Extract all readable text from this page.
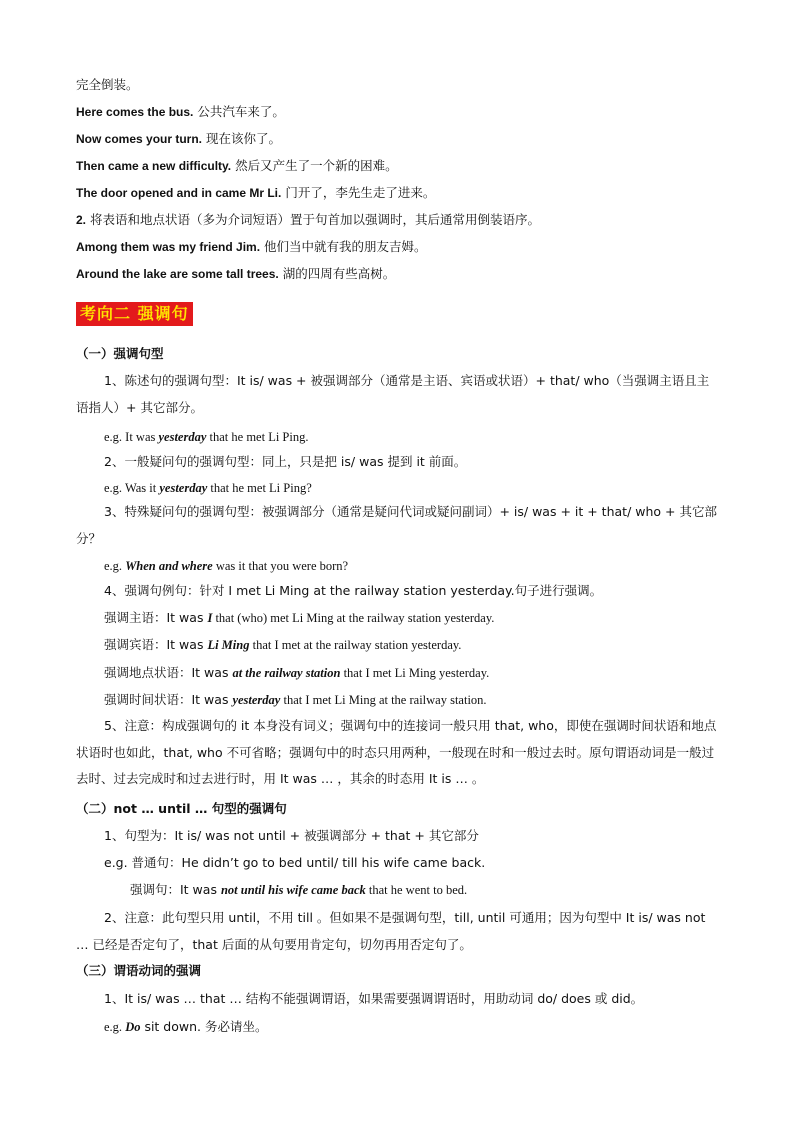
完全倒装。
Here comes the bus. 公共汽车来了。
Now comes your turn. 现在该你了。
Then came a new difficulty. 然后又产生了一个新的困难。
The door opened and in came Mr Li. 门开了，李先生走了进来。
2. 将表语和地点状语（多为介词短语）置于句首加以强调时，其后通常用倒装语序。
Among them was my friend Jim. 他们当中就有我的朋友吉姆。
Around the lake are some tall trees. 湖的四周有些高树。
考向二 强调句
（一）强调句型
1、陈述句的强调句型：It is/ was + 被强调部分（通常是主语、宾语或状语）+ that/ who（当强调主语且主语指人）+ 其它部分。
e.g. It was yesterday that he met Li Ping.
2、一般疑问句的强调句型：同上，只是把 is/ was 提到 it 前面。
e.g. Was it yesterday that he met Li Ping?
3、特殊疑问句的强调句型：被强调部分（通常是疑问代词或疑问副词）+ is/ was + it + that/ who + 其它部分？
e.g. When and where was it that you were born?
4、强调句例句：针对 I met Li Ming at the railway station yesterday.句子进行强调。
强调主语：It was I that (who) met Li Ming at the railway station yesterday.
强调宾语：It was Li Ming that I met at the railway station yesterday.
强调地点状语：It was at the railway station that I met Li Ming yesterday.
强调时间状语：It was yesterday that I met Li Ming at the railway station.
5、注意：构成强调句的 it 本身没有词义；强调句中的连接词一般只用 that, who，即使在强调时间状语和地点状语时也如此，that, who 不可省略；强调句中的时态只用两种，一般现在时和一般过去时。原句谓语动词是一般过去时、过去完成时和过去进行时，用 It was … ，其余的时态用 It is … 。
（二）not … until … 句型的强调句
1、句型为：It is/ was not until + 被强调部分 + that + 其它部分
e.g. 普通句：He didn’t go to bed until/ till his wife came back.
强调句：It was not until his wife came back that he went to bed.
2、注意：此句型只用 until，不用 till 。但如果不是强调句型，till, until 可通用；因为句型中 It is/ was not … 已经是否定句了，that 后面的从句要用肯定句，切勿再用否定句了。
（三）谓语动词的强调
1、It is/ was … that … 结构不能强调谓语，如果需要强调谓语时，用助动词 do/ does 或 did。
e.g. Do sit down. 务必请坐。
